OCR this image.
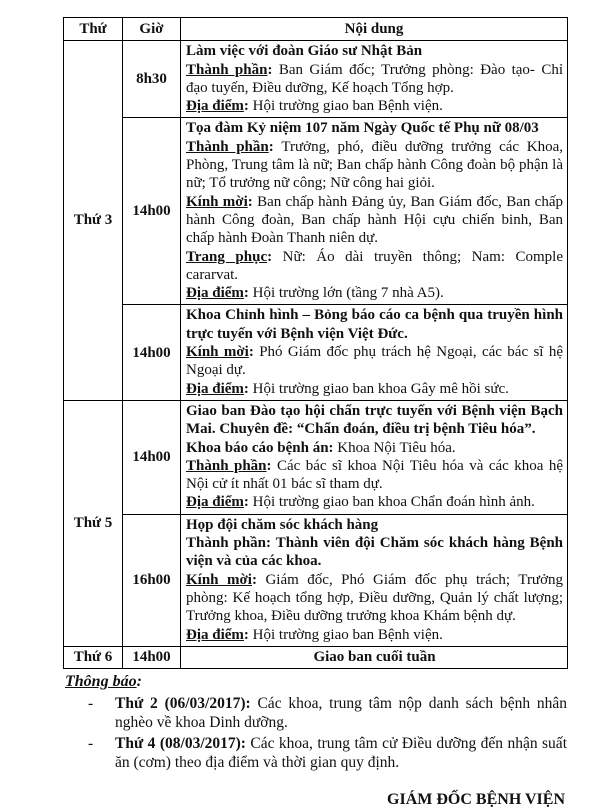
Thứ	Giờ	Nội dung
Thứ 3	8h30	Làm việc với đoàn Giáo sư Nhật Bản

Thành phần: Ban Giám đốc; Trưởng phòng: Đào tạo- Chỉ đạo tuyến, Điều dưỡng, Kế hoạch Tổng hợp.

Địa điểm: Hội trường giao ban Bệnh viện.

	14h00	Tọa đàm Kỷ niệm 107 năm Ngày Quốc tế Phụ nữ 08/03

Thành phần: Trưởng, phó, điều dưỡng trưởng các Khoa, Phòng, Trung tâm là nữ; Ban chấp hành Công đoàn bộ phận là nữ; Tổ trưởng nữ công; Nữ công hai giỏi.

Kính mời: Ban chấp hành Đảng ủy, Ban Giám đốc, Ban chấp hành Công đoàn, Ban chấp hành Hội cựu chiến binh, Ban chấp hành Đoàn Thanh niên dự.

Trang phục: Nữ: Áo dài truyền thông; Nam: Comple cararvat.

Địa điểm: Hội trường lớn (tầng 7 nhà A5).

	14h00	Khoa Chỉnh hình – Bỏng báo cáo ca bệnh qua truyền hình trực tuyến với Bệnh viện Việt Đức.

Kính mời: Phó Giám đốc phụ trách hệ Ngoại, các bác sĩ hệ Ngoại dự.

Địa điểm: Hội trường giao ban khoa Gây mê hồi sức.

Thứ 5	14h00	Giao ban Đào tạo hội chẩn trực tuyến với Bệnh viện Bạch Mai. Chuyên đề: “Chẩn đoán, điều trị bệnh Tiêu hóa”.

Khoa báo cáo bệnh án: Khoa Nội Tiêu hóa.

Thành phần: Các bác sĩ khoa Nội Tiêu hóa và các khoa hệ Nội cử ít nhất 01 bác sĩ tham dự.

Địa điểm: Hội trường giao ban khoa Chẩn đoán hình ảnh.

	16h00	Họp đội chăm sóc khách hàng

Thành phần: Thành viên đội Chăm sóc khách hàng Bệnh viện và của các khoa.

Kính mời: Giám đốc, Phó Giám đốc phụ trách; Trưởng phòng: Kế hoạch tổng hợp, Điều dưỡng, Quản lý chất lượng; Trưởng khoa, Điều dưỡng trưởng khoa Khám bệnh dự.

Địa điểm: Hội trường giao ban Bệnh viện.

Thứ 6	14h00	Giao ban cuối tuần

Thông báo:

- Thứ 2 (06/03/2017): Các khoa, trung tâm nộp danh sách bệnh nhân nghèo về khoa Dinh dưỡng.
- Thứ 4 (08/03/2017): Các khoa, trung tâm cử Điều dưỡng đến nhận suất ăn (cơm) theo địa điểm và thời gian quy định.
GIÁM ĐỐC BỆNH VIỆN
